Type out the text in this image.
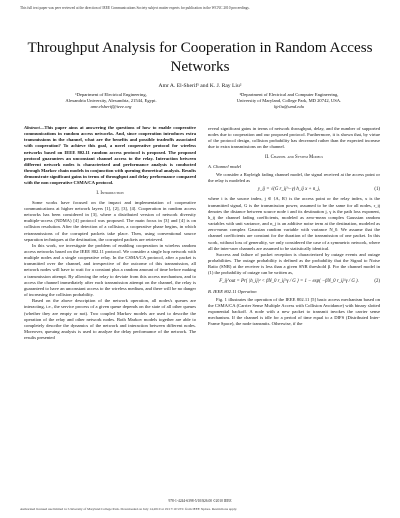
This full text paper was peer reviewed at the direction of IEEE Communications Society subject matter experts for publication in the WCNC 2010 proceedings.
Throughput Analysis for Cooperation in Random Access Networks
Amr A. El-Sherif¹ and K. J. Ray Liu²
¹Department of Electrical Engineering,
Alexandria University, Alexandria, 21544, Egypt.
amr.elsherif@ieee.org
²Department of Electrical and Computer Engineering,
University of Maryland, College Park, MD 20742, USA.
kjrliu@umd.edu

Abstract—This paper aims at answering the questions of how to enable cooperative communications in random access networks. And, since cooperation introduces extra transmissions in the channel, what are the benefits and possible tradeoffs associated with cooperation? To achieve this goal, a novel cooperative protocol for wireless networks based on IEEE 802.11 random access protocol is proposed. The proposed protocol guarantees an unconstant channel access to the relay. Interaction between different network nodes is characterized and performance analysis is conducted through Markov chain models in conjunction with queuing theoretical analysis. Results demonstrate significant gains in terms of throughput and delay performance compared with the non cooperative CSMA/CA protocol.

I. Introduction

Some works have focused on the impact and implementation of cooperative communications at higher network layers [1], [2], [3], [4]. Cooperation in random access networks has been considered in [3], where a distributed version of network diversity multiple-access (NDMA) [4] protocol was proposed. The main focus in [3] and [4] is on collision resolution. After the detection of a collision, a cooperative phase begins, in which retransmissions of the corrupted packets take place. Then, using conventional source separation techniques at the destination, the corrupted packets are retrieved.

In this work, we investigate the problem of enabling cooperation in wireless random access networks based on the IEEE 802.11 protocol. We consider a single hop network with multiple nodes and a single cooperative relay. In the CSMA/CA protocol, after a packet is transmitted over the channel, and irrespective of the outcome of this transmission, all network nodes will have to wait for a constant plus a random amount of time before making a transmission attempt. By allowing the relay to deviate from this access mechanism, and to access the channel immediately after each transmission attempt on the channel, the relay is guaranteed to have an unconstant access to the wireless medium, and there will be no danger of increasing the collision probability.

Based on the above description of the network operation, all nodes's queues are interacting, i.e., the service process of a given queue depends on the state of all other queues (whether they are empty or not). Two coupled Markov models are used to describe the operation of the relay and other network nodes. Both Markov models together are able to completely describe the dynamics of the network and interaction between different nodes. Moreover, queuing analysis is used to analyze the delay performance of the network. The results presented

reveal significant gains in terms of network throughput, delay, and the number of supported nodes due to cooperation and our proposed protocol. Furthermore, it is shown that, by virtue of the protocol design, collision probability has decreased rather than the expected increase due to extra transmissions on the channel.

II. Channel and System Models
A. Channel model

We consider a Rayleigh fading channel model, the signal received at the access point or the relay is modeled as

y_ij = √(G r_ij^−γ) h_ij x + n_j,	(1)

where i is the source index, j ∈ {A, R} is the access point or the relay index, x is the transmitted signal, G is the transmission power, assumed to be the same for all nodes, r_ij denotes the distance between source node i and its destination j, γ is the path loss exponent, h_ij the channel fading coefficients, modeled as zero-mean complex Gaussian random variables with unit variance, and n_j is an additive noise term at the destination, modeled as zero-mean complex Gaussian random variable with variance N_0. We assume that the channel coefficients are constant for the duration of the transmission of one packet. In this work, without loss of generality, we only considered the case of a symmetric network, where all the inter-user channels are assumed to be statistically identical.

Success and failure of packet reception is characterized by outage events and outage probabilities. The outage probability is defined as the probability that the Signal to Noise Ratio (SNR) at the receiver is less than a given SNR threshold β. For the channel model in (1) the probability of outage can be written as,

F_ij^out = Pr{ |h_ij|² < βN_0 r_ij^γ / G } = 1 − exp( −βN_0 r_ij^γ / G ).	(2)
B. IEEE 802.11 Operation

Fig. 1 illustrates the operation of the IEEE 802.11 [5] basic access mechanism based on the CSMA/CA (Carrier Sense Multiple Access with Collision Avoidance) with binary slotted exponential backoff. A node with a new packet to transmit invokes the carrier sense mechanism. If the channel is idle for a period of time equal to a DIFS (Distributed Inter-Frame Space), the node transmits. Otherwise, if the

978-1-4244-6398-5/10/$26.00 ©2010 IEEE
Authorized licensed use limited to: University of Maryland College Park. Downloaded on July 14,2010 at 19:17:10 UTC from IEEE Xplore. Restrictions apply.
